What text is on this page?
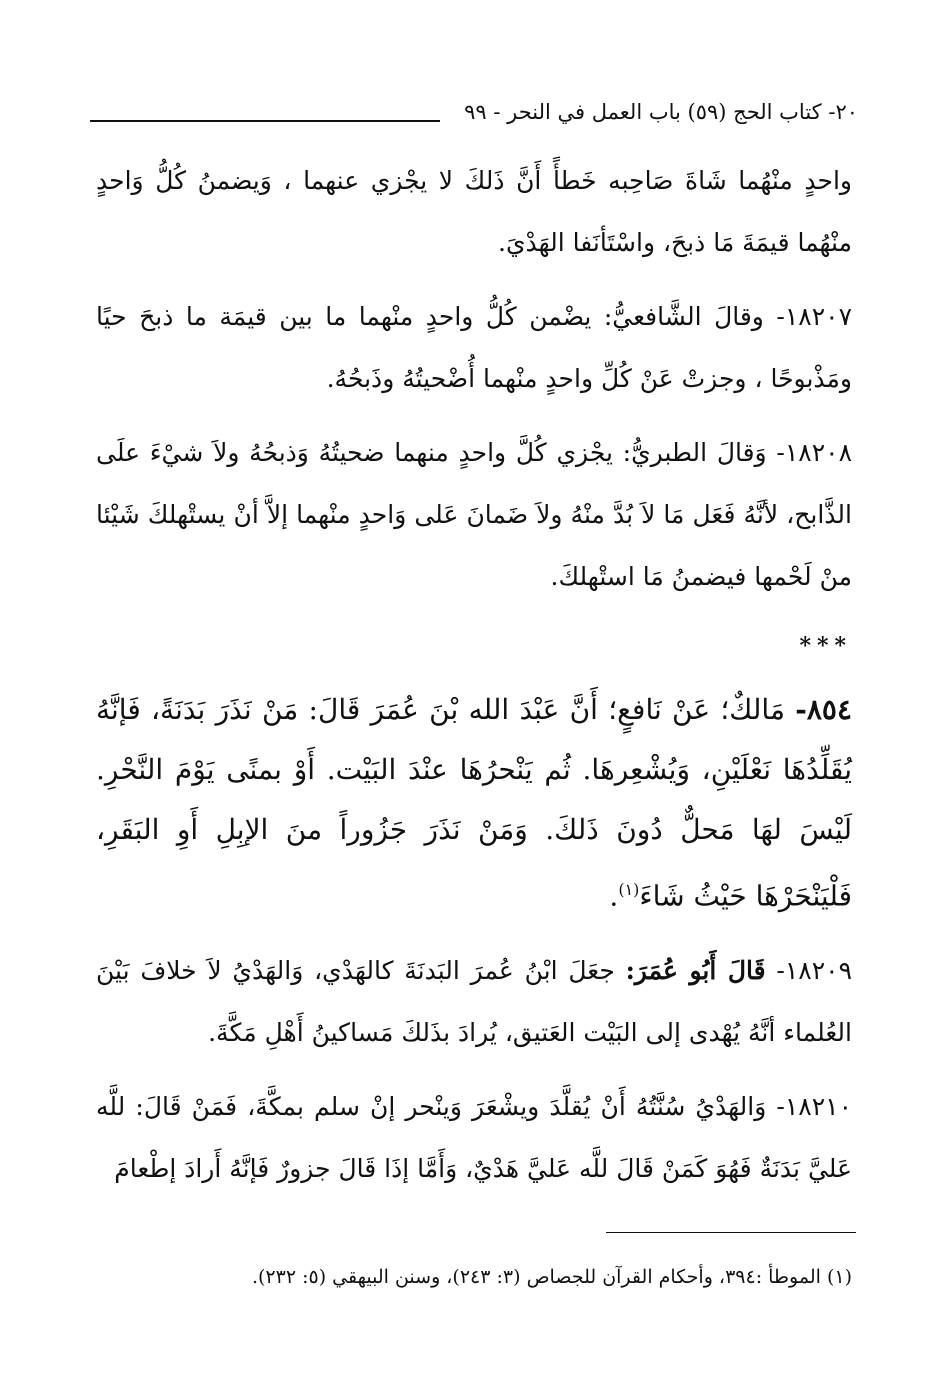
٢٠- كتاب الحج (٥٩) باب العمل في النحر - ٩٩

واحدٍ منْهُما شَاةَ صَاحِبه خَطأً أَنَّ ذَلكَ لا يجْزي عنهما ، وَيضمنُ كُلُّ وَاحدٍ منْهُما قيمَةَ مَا ذبحَ، واسْتَأنَفا الهَدْيَ.

١٨٢٠٧- وقالَ الشَّافعيُّ: يضْمن كُلُّ واحدٍ منْهما ما بين قيمَة ما ذبحَ حيًا ومَذْبوحًا ، وجزتْ عَنْ كُلِّ واحدٍ منْهما أُضْحيتُهُ وذَبحُهُ.

١٨٢٠٨- وَقالَ الطبريُّ: يجْزي كُلَّ واحدٍ منهما ضحيتُهُ وَذبحُهُ ولاَ شيْءَ علَى الذَّابح، لأنَّهُ فَعَل مَا لاَ بُدَّ منْهُ ولاَ ضَمانَ عَلى وَاحدٍ منْهما إلاَّ أنْ يستْهلكَ شَيْئا منْ لَحْمها فيضمنُ مَا استْهلكَ.

***

٨٥٤- مَالكٌ؛ عَنْ نَافعٍ؛ أَنَّ عَبْدَ الله بْنَ عُمَرَ قَالَ: مَنْ نَذَرَ بَدَنَةً، فَإنَّهُ يُقَلِّدُهَا نَعْلَيْنِ، وَيُشْعِرهَا. ثُم يَنْحرُهَا عنْدَ البَيْت. أَوْ بمنًى يَوْمَ النَّحْرِ. لَيْسَ لهَا مَحلٌّ دُونَ ذَلكَ. وَمَنْ نَذَرَ جَزُوراً منَ الإبِلِ أَوِ البَقَرِ، فَلْيَنْحَرْهَا حَيْثُ شَاءَ$^{(١)}$.

١٨٢٠٩- قَالَ أَبُو عُمَرَ: جعَلَ ابْنُ عُمرَ البَدنَةَ كالهَدْي، وَالهَدْيُ لاَ خلافَ بَيْنَ العُلماء أنَّهُ يُهْدى إلى البَيْت العَتيق، يُرادَ بذَلكَ مَساكينُ أَهْلِ مَكَّةَ.

١٨٢١٠- وَالهَدْيُ سُنَّتُهُ أَنْ يُقلَّدَ ويشْعَرَ وَينْحر إنْ سلم بمكَّةَ، فَمَنْ قَالَ: للَّه عَليَّ بَدَنَةٌ فَهُوَ كَمَنْ قَالَ للَّه عَليَّ هَدْيٌ، وَأَمَّا إذَا قَالَ جزورٌ فَإنَّهُ أَرادَ إطْعامَ

(١) الموطأ :٣٩٤، وأحكام القرآن للجصاص (٣: ٢٤٣)، وسنن البيهقي (٥: ٢٣٢).
